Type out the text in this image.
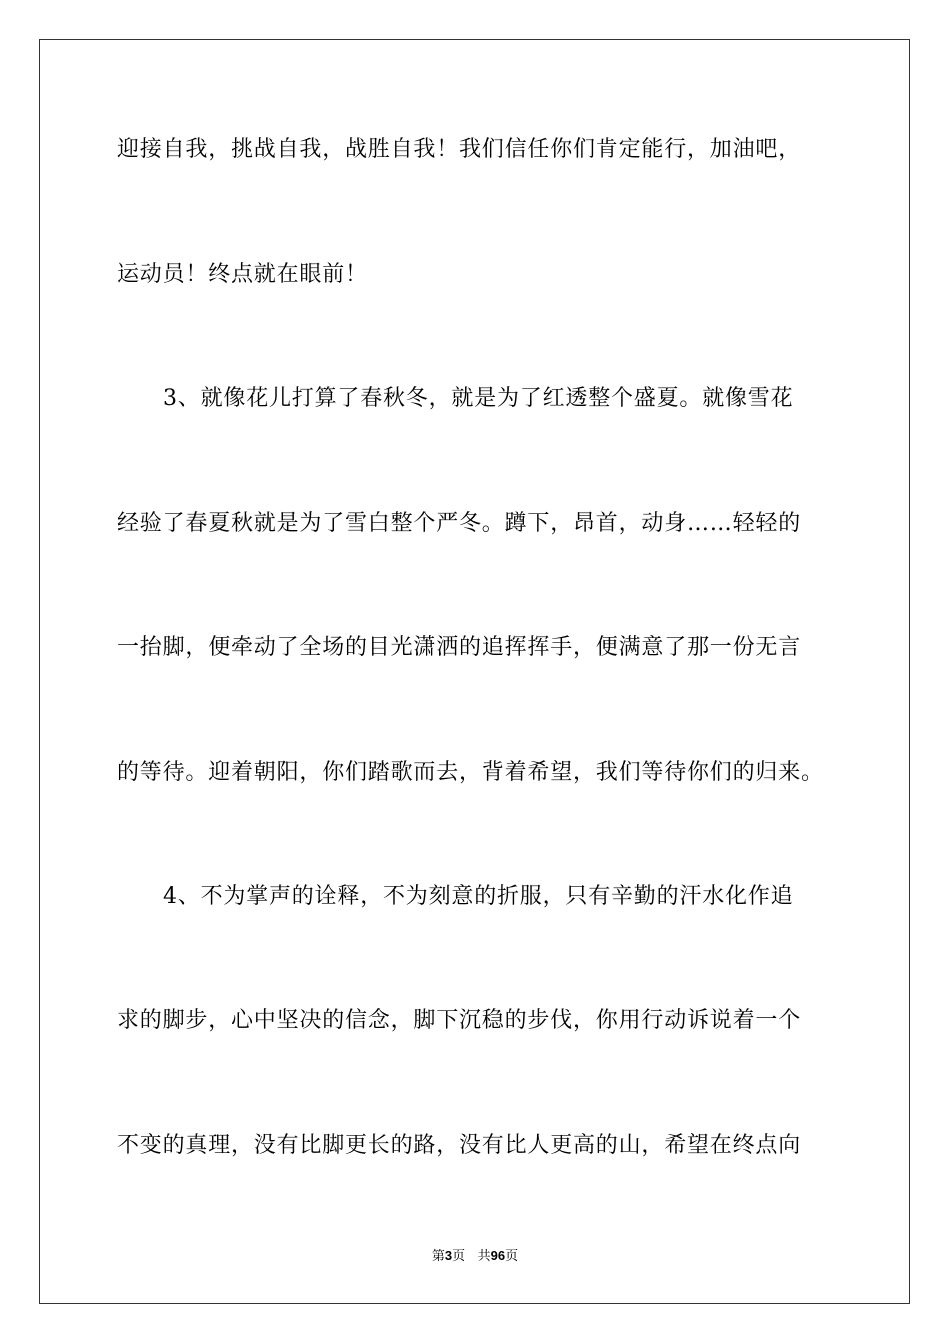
迎接自我，挑战自我，战胜自我！我们信任你们肯定能行，加油吧，
运动员！终点就在眼前！
3、就像花儿打算了春秋冬，就是为了红透整个盛夏。就像雪花
经验了春夏秋就是为了雪白整个严冬。蹲下，昂首，动身……轻轻的
一抬脚，便牵动了全场的目光潇洒的追挥挥手，便满意了那一份无言
的等待。迎着朝阳，你们踏歌而去，背着希望，我们等待你们的归来。
4、不为掌声的诠释，不为刻意的折服，只有辛勤的汗水化作追
求的脚步，心中坚决的信念，脚下沉稳的步伐，你用行动诉说着一个
不变的真理，没有比脚更长的路，没有比人更高的山，希望在终点向
第3页 共96页
